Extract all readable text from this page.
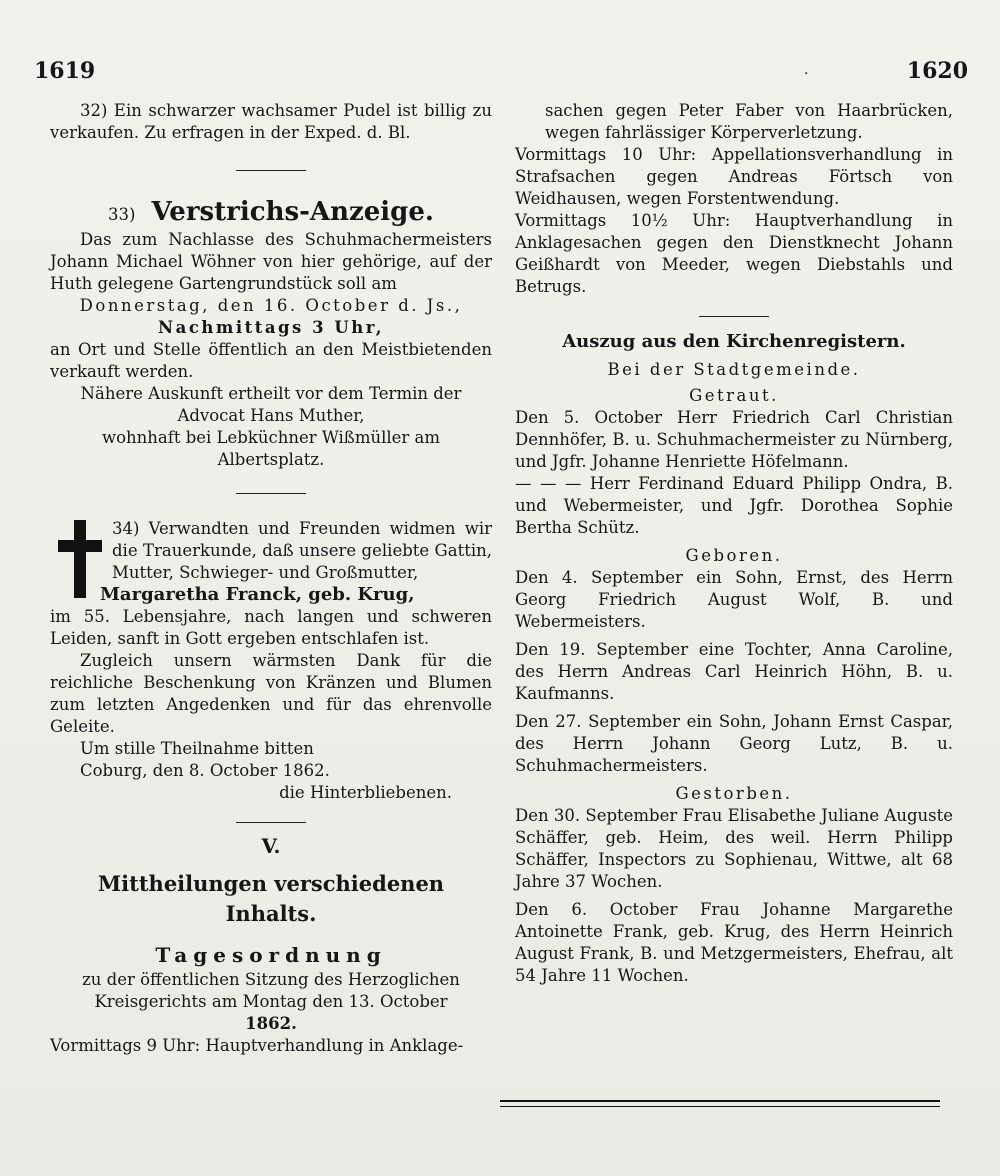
1619	.	1620

32) Ein schwarzer wachsamer Pudel ist billig zu verkaufen. Zu erfragen in der Exped. d. Bl.

33) Verstrichs-Anzeige.

Das zum Nachlasse des Schuhmachermeisters Johann Michael Wöhner von hier gehörige, auf der Huth gelegene Gartengrundstück soll am

Donnerstag, den 16. October d. Js.,

Nachmittags 3 Uhr,

an Ort und Stelle öffentlich an den Meistbietenden verkauft werden.

Nähere Auskunft ertheilt vor dem Termin der Advocat Hans Muther,

wohnhaft bei Lebküchner Wißmüller am Albertsplatz.

34) Verwandten und Freunden widmen wir die Trauerkunde, daß unsere geliebte Gattin, Mutter, Schwieger- und Großmutter,

Margaretha Franck, geb. Krug,

im 55. Lebensjahre, nach langen und schweren Leiden, sanft in Gott ergeben entschlafen ist.

Zugleich unsern wärmsten Dank für die reichliche Beschenkung von Kränzen und Blumen zum letzten Angedenken und für das ehrenvolle Geleite.

Um stille Theilnahme bitten

Coburg, den 8. October 1862.

die Hinterbliebenen.

V.

Mittheilungen verschiedenen Inhalts.

Tagesordnung

zu der öffentlichen Sitzung des Herzoglichen Kreisgerichts am Montag den 13. October

1862.

Vormittags 9 Uhr: Hauptverhandlung in Anklage-

sachen gegen Peter Faber von Haarbrücken, wegen fahrlässiger Körperverletzung.

Vormittags 10 Uhr: Appellationsverhandlung in Strafsachen gegen Andreas Förtsch von Weidhausen, wegen Forstentwendung.

Vormittags 10½ Uhr: Hauptverhandlung in Anklagesachen gegen den Dienstknecht Johann Geißhardt von Meeder, wegen Diebstahls und Betrugs.

Auszug aus den Kirchenregistern.

Bei der Stadtgemeinde.

Getraut.

Den 5. October Herr Friedrich Carl Christian Dennhöfer, B. u. Schuhmachermeister zu Nürnberg, und Jgfr. Johanne Henriette Höfelmann.

— — — Herr Ferdinand Eduard Philipp Ondra, B. und Webermeister, und Jgfr. Dorothea Sophie Bertha Schütz.

Geboren.

Den 4. September ein Sohn, Ernst, des Herrn Georg Friedrich August Wolf, B. und Webermeisters.

Den 19. September eine Tochter, Anna Caroline, des Herrn Andreas Carl Heinrich Höhn, B. u. Kaufmanns.

Den 27. September ein Sohn, Johann Ernst Caspar, des Herrn Johann Georg Lutz, B. u. Schuhmachermeisters.

Gestorben.

Den 30. September Frau Elisabethe Juliane Auguste Schäffer, geb. Heim, des weil. Herrn Philipp Schäffer, Inspectors zu Sophienau, Wittwe, alt 68 Jahre 37 Wochen.

Den 6. October Frau Johanne Margarethe Antoinette Frank, geb. Krug, des Herrn Heinrich August Frank, B. und Metzgermeisters, Ehefrau, alt 54 Jahre 11 Wochen.
